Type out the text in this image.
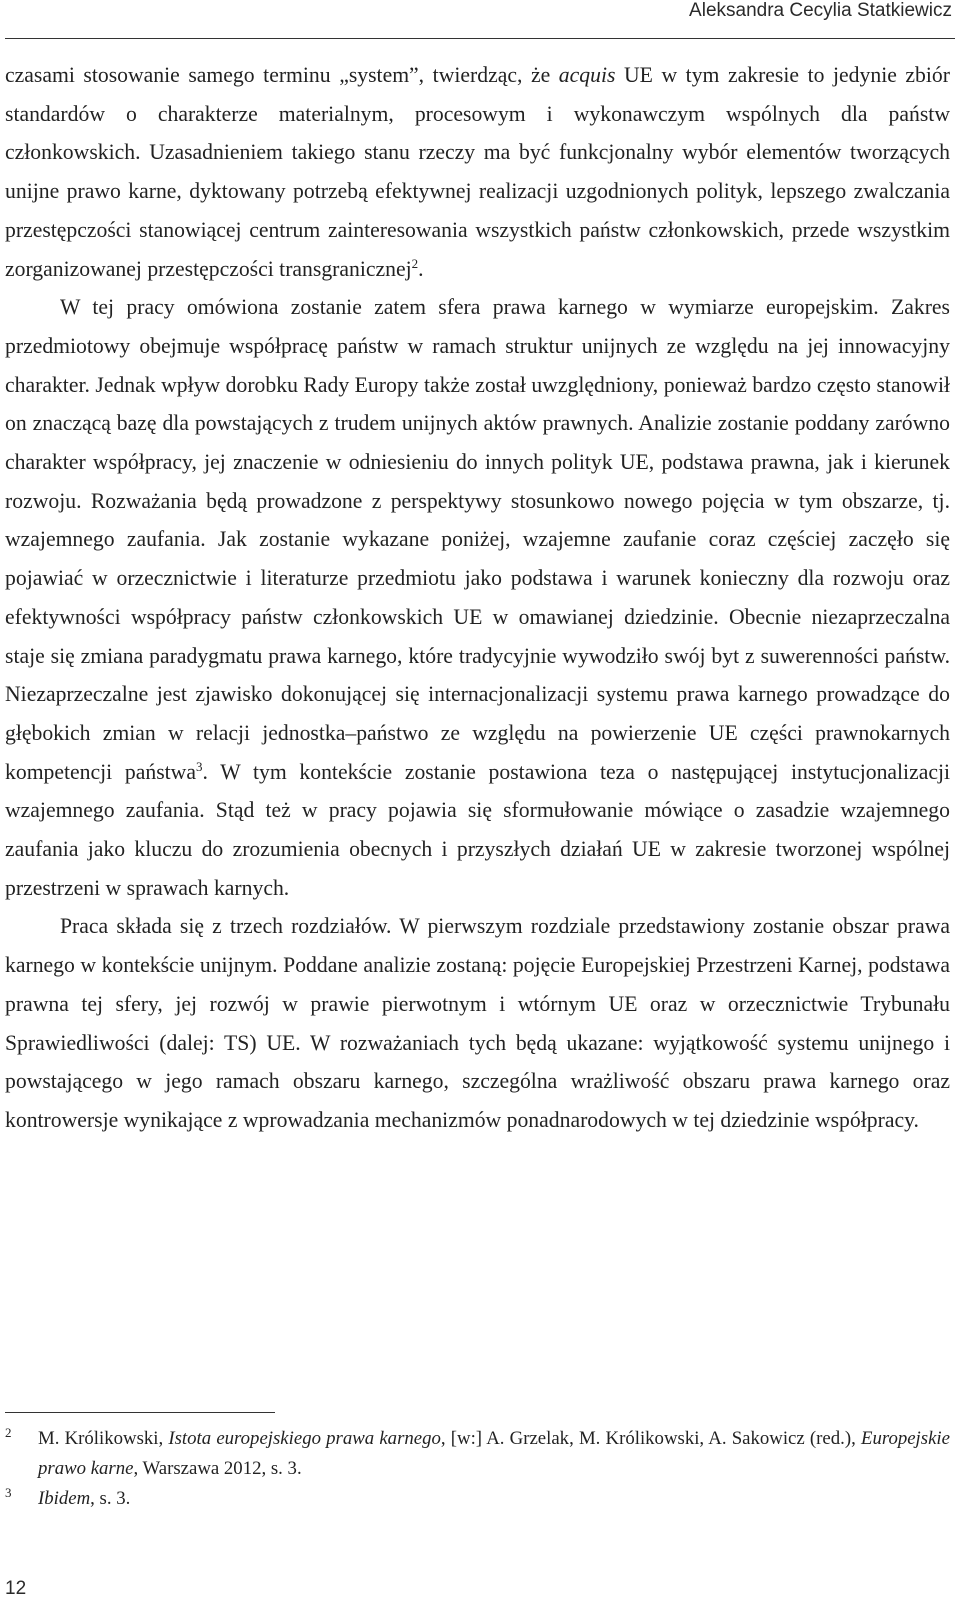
Aleksandra Cecylia Statkiewicz

czasami stosowanie samego terminu „system”, twierdząc, że acquis UE w tym zakresie to jedynie zbiór standardów o charakterze materialnym, procesowym i wykonawczym wspólnych dla państw członkowskich. Uzasadnieniem takiego stanu rzeczy ma być funkcjonalny wybór elementów tworzących unijne prawo karne, dyktowany potrzebą efektywnej realizacji uzgodnionych polityk, lepszego zwalczania przestępczości stanowiącej centrum zainteresowania wszystkich państw członkowskich, przede wszystkim zorganizowanej przestępczości transgranicznej$^2$.

W tej pracy omówiona zostanie zatem sfera prawa karnego w wymiarze europejskim. Zakres przedmiotowy obejmuje współpracę państw w ramach struktur unijnych ze względu na jej innowacyjny charakter. Jednak wpływ dorobku Rady Europy także został uwzględniony, ponieważ bardzo często stanowił on znaczącą bazę dla powstających z trudem unijnych aktów prawnych. Analizie zostanie poddany zarówno charakter współpracy, jej znaczenie w odniesieniu do innych polityk UE, podstawa prawna, jak i kierunek rozwoju. Rozważania będą prowadzone z perspektywy stosunkowo nowego pojęcia w tym obszarze, tj. wzajemnego zaufania. Jak zostanie wykazane poniżej, wzajemne zaufanie coraz częściej zaczęło się pojawiać w orzecznictwie i literaturze przedmiotu jako podstawa i warunek konieczny dla rozwoju oraz efektywności współpracy państw członkowskich UE w omawianej dziedzinie. Obecnie niezaprzeczalna staje się zmiana paradygmatu prawa karnego, które tradycyjnie wywodziło swój byt z suwerenności państw. Niezaprzeczalne jest zjawisko dokonującej się internacjonalizacji systemu prawa karnego prowadzące do głębokich zmian w relacji jednostka–państwo ze względu na powierzenie UE części prawnokarnych kompetencji państwa$^3$. W tym kontekście zostanie postawiona teza o następującej instytucjonalizacji wzajemnego zaufania. Stąd też w pracy pojawia się sformułowanie mówiące o zasadzie wzajemnego zaufania jako kluczu do zrozumienia obecnych i przyszłych działań UE w zakresie tworzonej wspólnej przestrzeni w sprawach karnych.

Praca składa się z trzech rozdziałów. W pierwszym rozdziale przedstawiony zostanie obszar prawa karnego w kontekście unijnym. Poddane analizie zostaną: pojęcie Europejskiej Przestrzeni Karnej, podstawa prawna tej sfery, jej rozwój w prawie pierwotnym i wtórnym UE oraz w orzecznictwie Trybunału Sprawiedliwości (dalej: TS) UE. W rozważaniach tych będą ukazane: wyjątkowość systemu unijnego i powstającego w jego ramach obszaru karnego, szczególna wrażliwość obszaru prawa karnego oraz kontrowersje wynikające z wprowadzania mechanizmów ponadnarodowych w tej dziedzinie współpracy.

2 M. Królikowski, Istota europejskiego prawa karnego, [w:] A. Grzelak, M. Królikowski, A. Sakowicz (red.), Europejskie prawo karne, Warszawa 2012, s. 3.
3 Ibidem, s. 3.
12
